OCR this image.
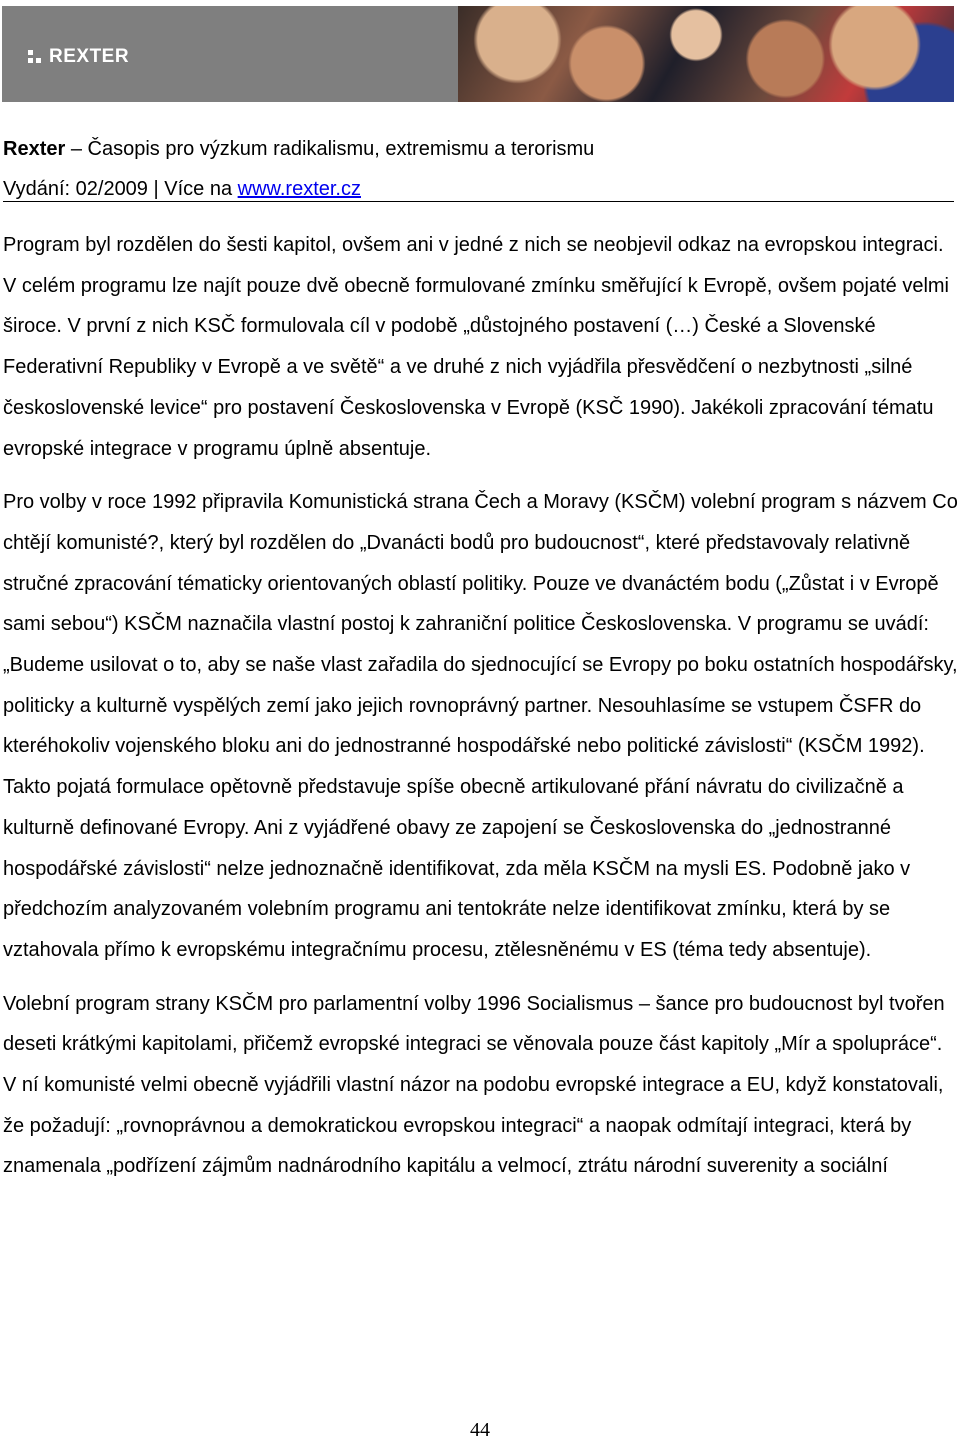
REXTER
Rexter – Časopis pro výzkum radikalismu, extremismu a terorismu
Vydání: 02/2009 | Více na www.rexter.cz

Program byl rozdělen do šesti kapitol, ovšem ani v jedné z nich se neobjevil odkaz na evropskou integraci. V celém programu lze najít pouze dvě obecně formulované zmínku směřující k Evropě, ovšem pojaté velmi široce. V první z nich KSČ formulovala cíl v podobě „důstojného postavení (…) České a Slovenské Federativní Republiky v Evropě a ve světě“ a ve druhé z nich vyjádřila přesvědčení o nezbytnosti „silné československé levice“ pro postavení Československa v Evropě (KSČ 1990). Jakékoli zpracování tématu evropské integrace v programu úplně absentuje.

Pro volby v roce 1992 připravila Komunistická strana Čech a Moravy (KSČM) volební program s názvem Co chtějí komunisté?, který byl rozdělen do „Dvanácti bodů pro budoucnost“, které představovaly relativně stručné zpracování tématicky orientovaných oblastí politiky. Pouze ve dvanáctém bodu („Zůstat i v Evropě sami sebou“) KSČM naznačila vlastní postoj k zahraniční politice Československa. V programu se uvádí: „Budeme usilovat o to, aby se naše vlast zařadila do sjednocující se Evropy po boku ostatních hospodářsky, politicky a kulturně vyspělých zemí jako jejich rovnoprávný partner. Nesouhlasíme se vstupem ČSFR do kteréhokoliv vojenského bloku ani do jednostranné hospodářské nebo politické závislosti“ (KSČM 1992). Takto pojatá formulace opětovně představuje spíše obecně artikulované přání návratu do civilizačně a kulturně definované Evropy. Ani z vyjádřené obavy ze zapojení se Československa do „jednostranné hospodářské závislosti“ nelze jednoznačně identifikovat, zda měla KSČM na mysli ES. Podobně jako v předchozím analyzovaném volebním programu ani tentokráte nelze identifikovat zmínku, která by se vztahovala přímo k evropskému integračnímu procesu, ztělesněnému v ES (téma tedy absentuje).

Volební program strany KSČM pro parlamentní volby 1996 Socialismus – šance pro budoucnost byl tvořen deseti krátkými kapitolami, přičemž evropské integraci se věnovala pouze část kapitoly „Mír a spolupráce“. V ní komunisté velmi obecně vyjádřili vlastní názor na podobu evropské integrace a EU, když konstatovali, že požadují: „rovnoprávnou a demokratickou evropskou integraci“ a naopak odmítají integraci, která by znamenala „podřízení zájmům nadnárodního kapitálu a velmocí, ztrátu národní suverenity a sociální

44
